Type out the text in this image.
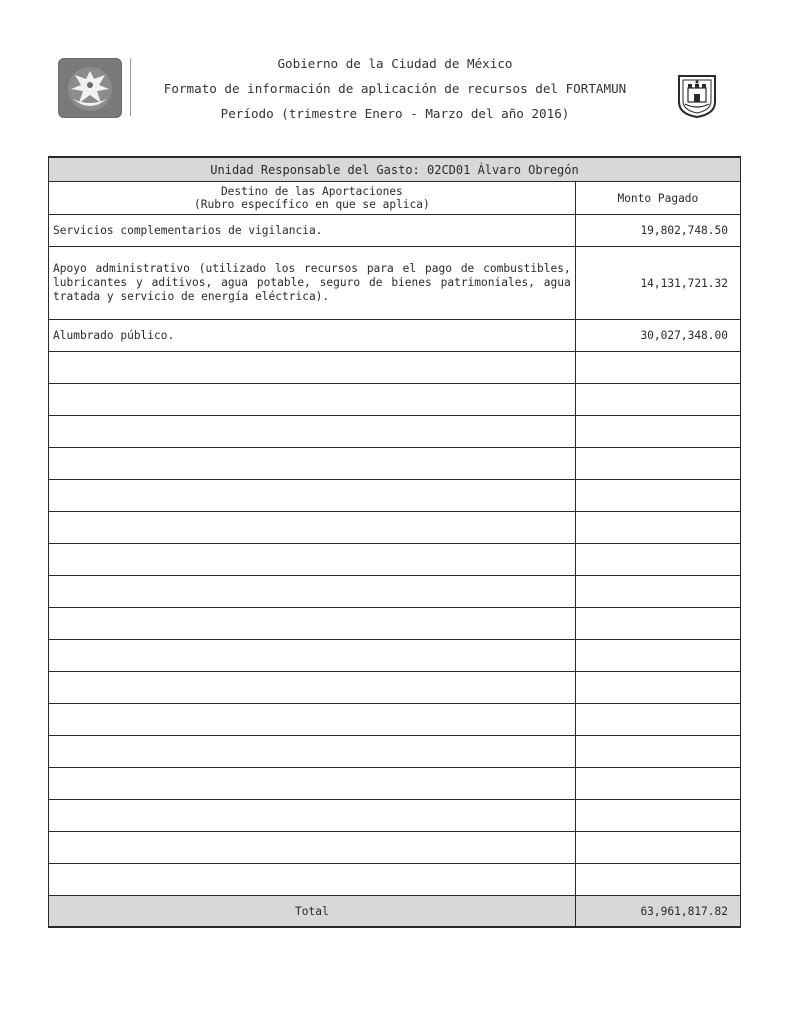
Gobierno de la Ciudad de México
Formato de información de aplicación de recursos del FORTAMUN
Período (trimestre Enero - Marzo del año 2016)
Unidad Responsable del Gasto: 02CD01 Álvaro Obregón	
Destino de las Aportaciones
(Rubro específico en que se aplica)	Monto Pagado
Servicios complementarios de vigilancia.	19,802,748.50
Apoyo administrativo (utilizado los recursos para el pago de combustibles, lubricantes y aditivos, agua potable, seguro de bienes patrimoniales, agua tratada y servicio de energía eléctrica).	14,131,721.32
Alumbrado público.	30,027,348.00

Total	63,961,817.82
